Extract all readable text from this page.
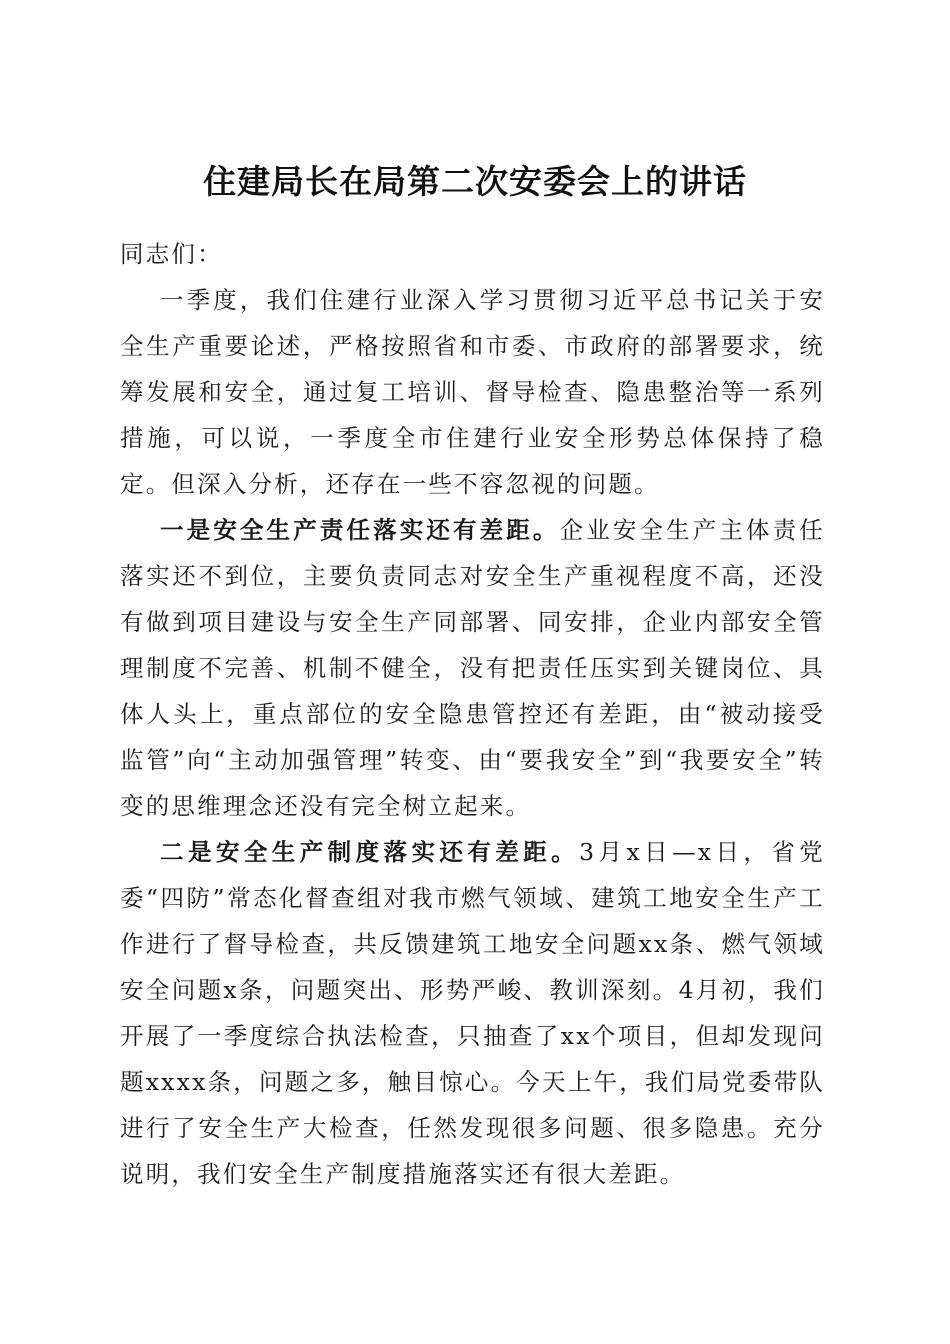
住建局长在局第二次安委会上的讲话

同志们：

一季度，我们住建行业深入学习贯彻习近平总书记关于安全生产重要论述，严格按照省和市委、市政府的部署要求，统筹发展和安全，通过复工培训、督导检查、隐患整治等一系列措施，可以说，一季度全市住建行业安全形势总体保持了稳定。但深入分析，还存在一些不容忽视的问题。

一是安全生产责任落实还有差距。企业安全生产主体责任落实还不到位，主要负责同志对安全生产重视程度不高，还没有做到项目建设与安全生产同部署、同安排，企业内部安全管理制度不完善、机制不健全，没有把责任压实到关键岗位、具体人头上，重点部位的安全隐患管控还有差距，由“被动接受监管”向“主动加强管理”转变、由“要我安全”到“我要安全”转变的思维理念还没有完全树立起来。

二是安全生产制度落实还有差距。3月x日—x日，省党委“四防”常态化督查组对我市燃气领域、建筑工地安全生产工作进行了督导检查，共反馈建筑工地安全问题xx条、燃气领域安全问题x条，问题突出、形势严峻、教训深刻。4月初，我们开展了一季度综合执法检查，只抽查了xx个项目，但却发现问题xxxx条，问题之多，触目惊心。今天上午，我们局党委带队进行了安全生产大检查，任然发现很多问题、很多隐患。充分说明，我们安全生产制度措施落实还有很大差距。
